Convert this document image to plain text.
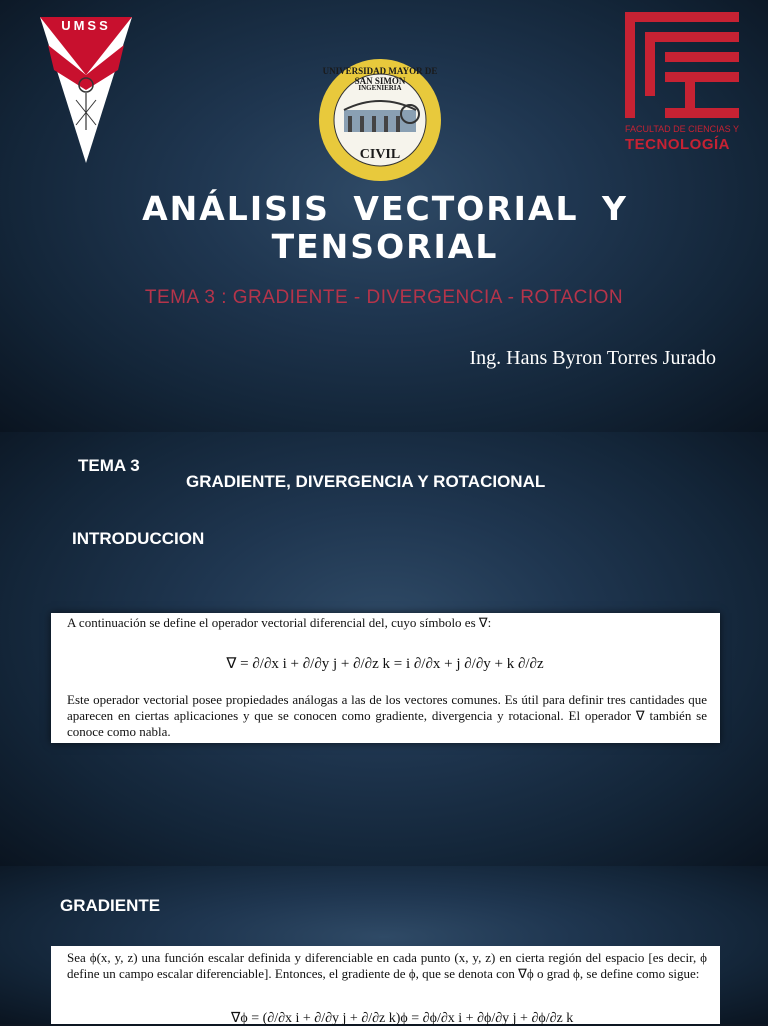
UMSS
UNIVERSIDAD MAYOR DE SAN SIMON
INGENIERIA
CIVIL
FACULTAD DE CIENCIAS Y
TECNOLOGÍA
ANÁLISIS VECTORIAL Y
TENSORIAL
TEMA 3 : GRADIENTE - DIVERGENCIA - ROTACION
Ing. Hans Byron Torres Jurado
TEMA 3
GRADIENTE, DIVERGENCIA Y ROTACIONAL
INTRODUCCION
A continuación se define el operador vectorial diferencial del, cuyo símbolo es ∇:
∇ = ∂/∂x i + ∂/∂y j + ∂/∂z k = i ∂/∂x + j ∂/∂y + k ∂/∂z
Este operador vectorial posee propiedades análogas a las de los vectores comunes. Es útil para definir tres cantidades que aparecen en ciertas aplicaciones y que se conocen como gradiente, divergencia y rotacional. El operador ∇ también se conoce como nabla.
GRADIENTE
Sea ϕ(x, y, z) una función escalar definida y diferenciable en cada punto (x, y, z) en cierta región del espacio [es decir, ϕ define un campo escalar diferenciable]. Entonces, el gradiente de ϕ, que se denota con ∇ϕ o grad ϕ, se define como sigue:
∇ϕ = (∂/∂x i + ∂/∂y j + ∂/∂z k)ϕ = ∂ϕ/∂x i + ∂ϕ/∂y j + ∂ϕ/∂z k
